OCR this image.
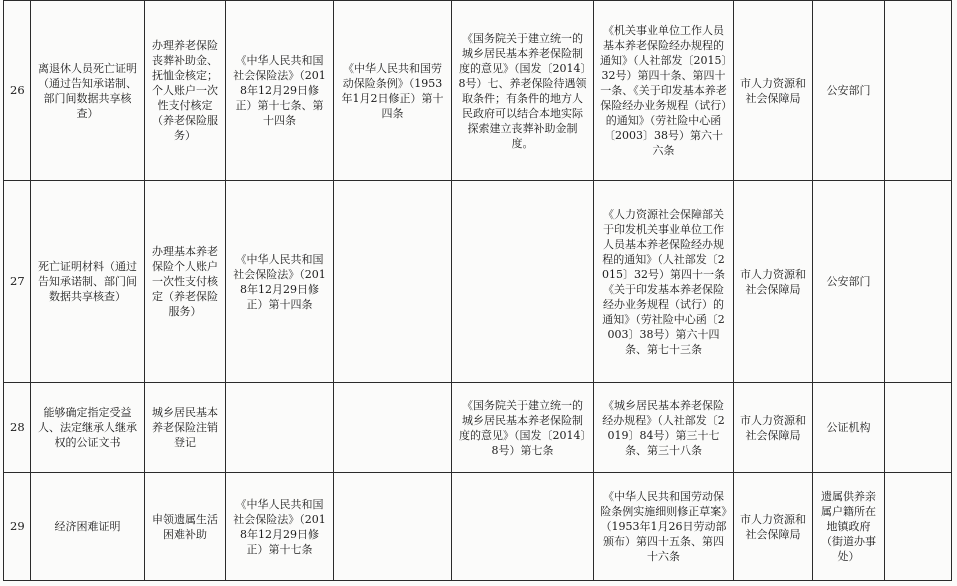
26	离退休人员死亡证明（通过告知承诺制、部门间数据共享核查）	办理养老保险丧葬补助金、抚恤金核定；个人账户一次性支付核定（养老保险服务）	《中华人民共和国社会保险法》（2018年12月29日修正）第十七条、第十四条	《中华人民共和国劳动保险条例》（1953年1月2日修正）第十四条	《国务院关于建立统一的城乡居民基本养老保险制度的意见》（国发〔2014〕8号）七、养老保险待遇领取条件；有条件的地方人民政府可以结合本地实际探索建立丧葬补助金制度。	《机关事业单位工作人员基本养老保险经办规程的通知》（人社部发〔2015〕32号）第四十条、第四十一条、《关于印发基本养老保险经办业务规程（试行）的通知》（劳社险中心函〔2003〕38号）第六十六条	市人力资源和社会保障局	公安部门	

27	死亡证明材料（通过告知承诺制、部门间数据共享核查）	办理基本养老保险个人账户一次性支付核定（养老保险服务）	《中华人民共和国社会保险法》（2018年12月29日修正）第十四条			《人力资源社会保障部关于印发机关事业单位工作人员基本养老保险经办规程的通知》（人社部发〔2015〕32号）第四十一条 《关于印发基本养老保险经办业务规程（试行）的通知》（劳社险中心函〔2003〕38号）第六十四条、第七十三条	市人力资源和社会保障局	公安部门	

28	能够确定指定受益人、法定继承人继承权的公证文书	城乡居民基本养老保险注销登记			《国务院关于建立统一的城乡居民基本养老保险制度的意见》（国发〔2014〕8号）第七条	《城乡居民基本养老保险经办规程》（人社部发〔2019〕84号）第三十七条、第三十八条	市人力资源和社会保障局	公证机构	

29	经济困难证明	申领遗属生活困难补助	《中华人民共和国社会保险法》（2018年12月29日修正）第十七条			《中华人民共和国劳动保险条例实施细则修正草案》（1953年1月26日劳动部颁布）第四十五条、第四十六条	市人力资源和社会保障局	遗属供养亲属户籍所在地镇政府（街道办事处）	
